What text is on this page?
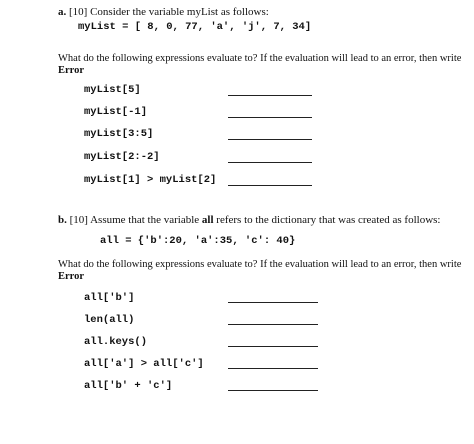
a. [10] Consider the variable myList as follows:
myList = [ 8, 0, 77, 'a', 'j', 7, 34]
What do the following expressions evaluate to? If the evaluation will lead to an error, then write
Error
myList[5]
myList[-1]
myList[3:5]
myList[2:-2]
myList[1] > myList[2]
b. [10] Assume that the variable all refers to the dictionary that was created as follows:
all = {'b':20, 'a':35, 'c': 40}
What do the following expressions evaluate to? If the evaluation will lead to an error, then write
Error
all['b']
len(all)
all.keys()
all['a'] > all['c']
all['b' + 'c']
